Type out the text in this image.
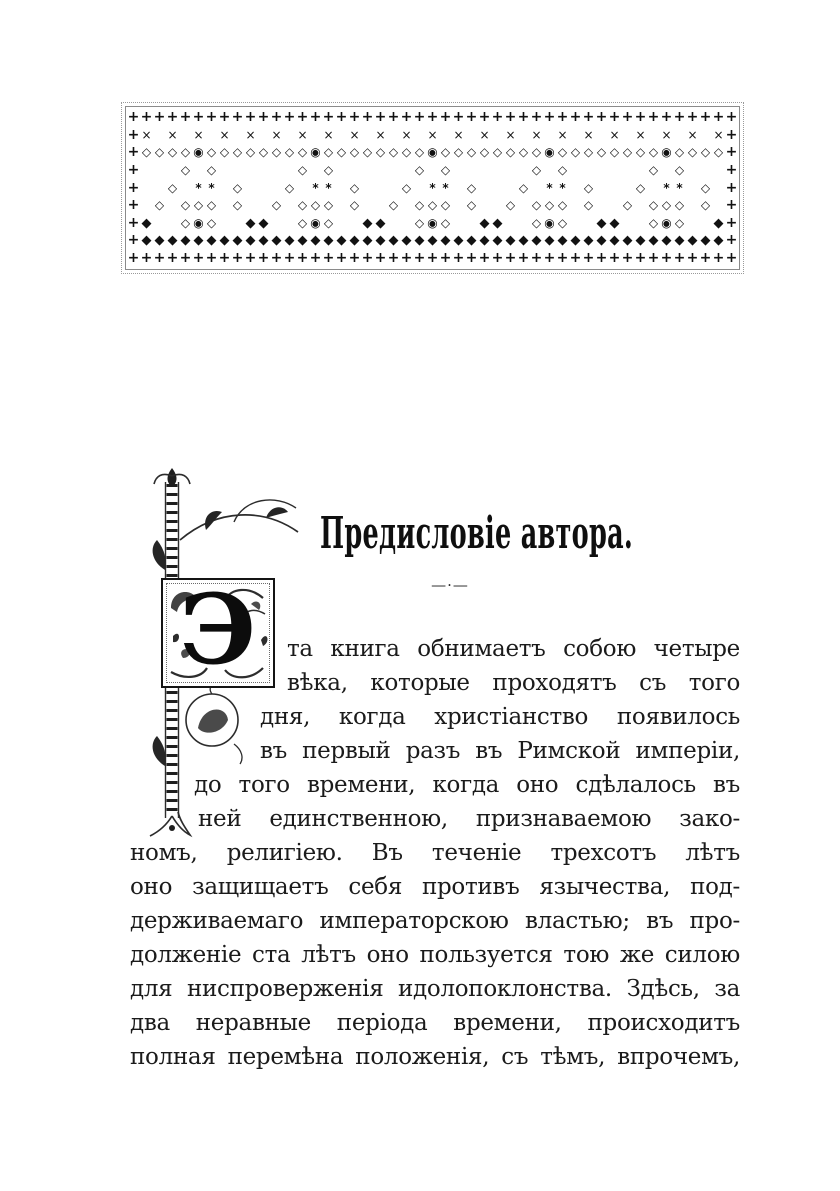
+ + + + + + + + + + + + + + + + + + + + + + + + + + + + + + + + + + + + + + + + + + + + + + +
+ × × × × × × × × × × × × × × × × × × × × × × × +
+ ◇ ◇ ◇ ◇ ◉ ◇ ◇ ◇ ◇ ◇ ◇ ◇ ◇ ◉ ◇ ◇ ◇ ◇ ◇ ◇ ◇ ◇ ◉ ◇ ◇ ◇ ◇ ◇ ◇ ◇ ◇ ◉ ◇ ◇ ◇ ◇ ◇ ◇ ◇ ◇ ◉ ◇ ◇ ◇ ◇ +
+	◇ ◇	◇ ◇	◇ ◇	◇ ◇	◇ ◇	+
+ ◇ * * ◇	◇ * * ◇	◇ * * ◇	◇ * * ◇	◇ * * ◇ +
+ ◇ ◇ ◇ ◇ ◇ ◇ ◇ ◇ ◇ ◇ ◇ ◇ ◇ ◇ ◇ ◇ ◇ ◇ ◇ ◇ ◇ ◇ ◇ ◇ ◇ +
+ ◆ ◇ ◉ ◇ ◆ ◆ ◇ ◉ ◇ ◆ ◆ ◇ ◉ ◇ ◆ ◆ ◇ ◉ ◇ ◆ ◆ ◇ ◉ ◇ ◆ +
+ ◆ ◆ ◆ ◆ ◆ ◆ ◆ ◆ ◆ ◆ ◆ ◆ ◆ ◆ ◆ ◆ ◆ ◆ ◆ ◆ ◆ ◆ ◆ ◆ ◆ ◆ ◆ ◆ ◆ ◆ ◆ ◆ ◆ ◆ ◆ ◆ ◆ ◆ ◆ ◆ ◆ ◆ ◆ ◆ ◆ +
+ + + + + + + + + + + + + + + + + + + + + + + + + + + + + + + + + + + + + + + + + + + + + + +
Предисловіе автора.
—·—
Э	та книга обнимаетъ собою четыре
вѣка, которые проходятъ съ того
дня, когда христіанство появилось
въ первый разъ въ Римской имперіи,
до того времени, когда оно сдѣлалось въ
ней единственною, признаваемою зако-
номъ, религіею. Въ теченіе трехсотъ лѣтъ
оно защищаетъ себя противъ язычества, под-
держиваемаго императорскою властью; въ про-
долженіе ста лѣтъ оно пользуется тою же силою
для ниспроверженія идолопоклонства. Здѣсь, за
два неравные періода времени, происходитъ
полная перемѣна положенія, съ тѣмъ, впрочемъ,
